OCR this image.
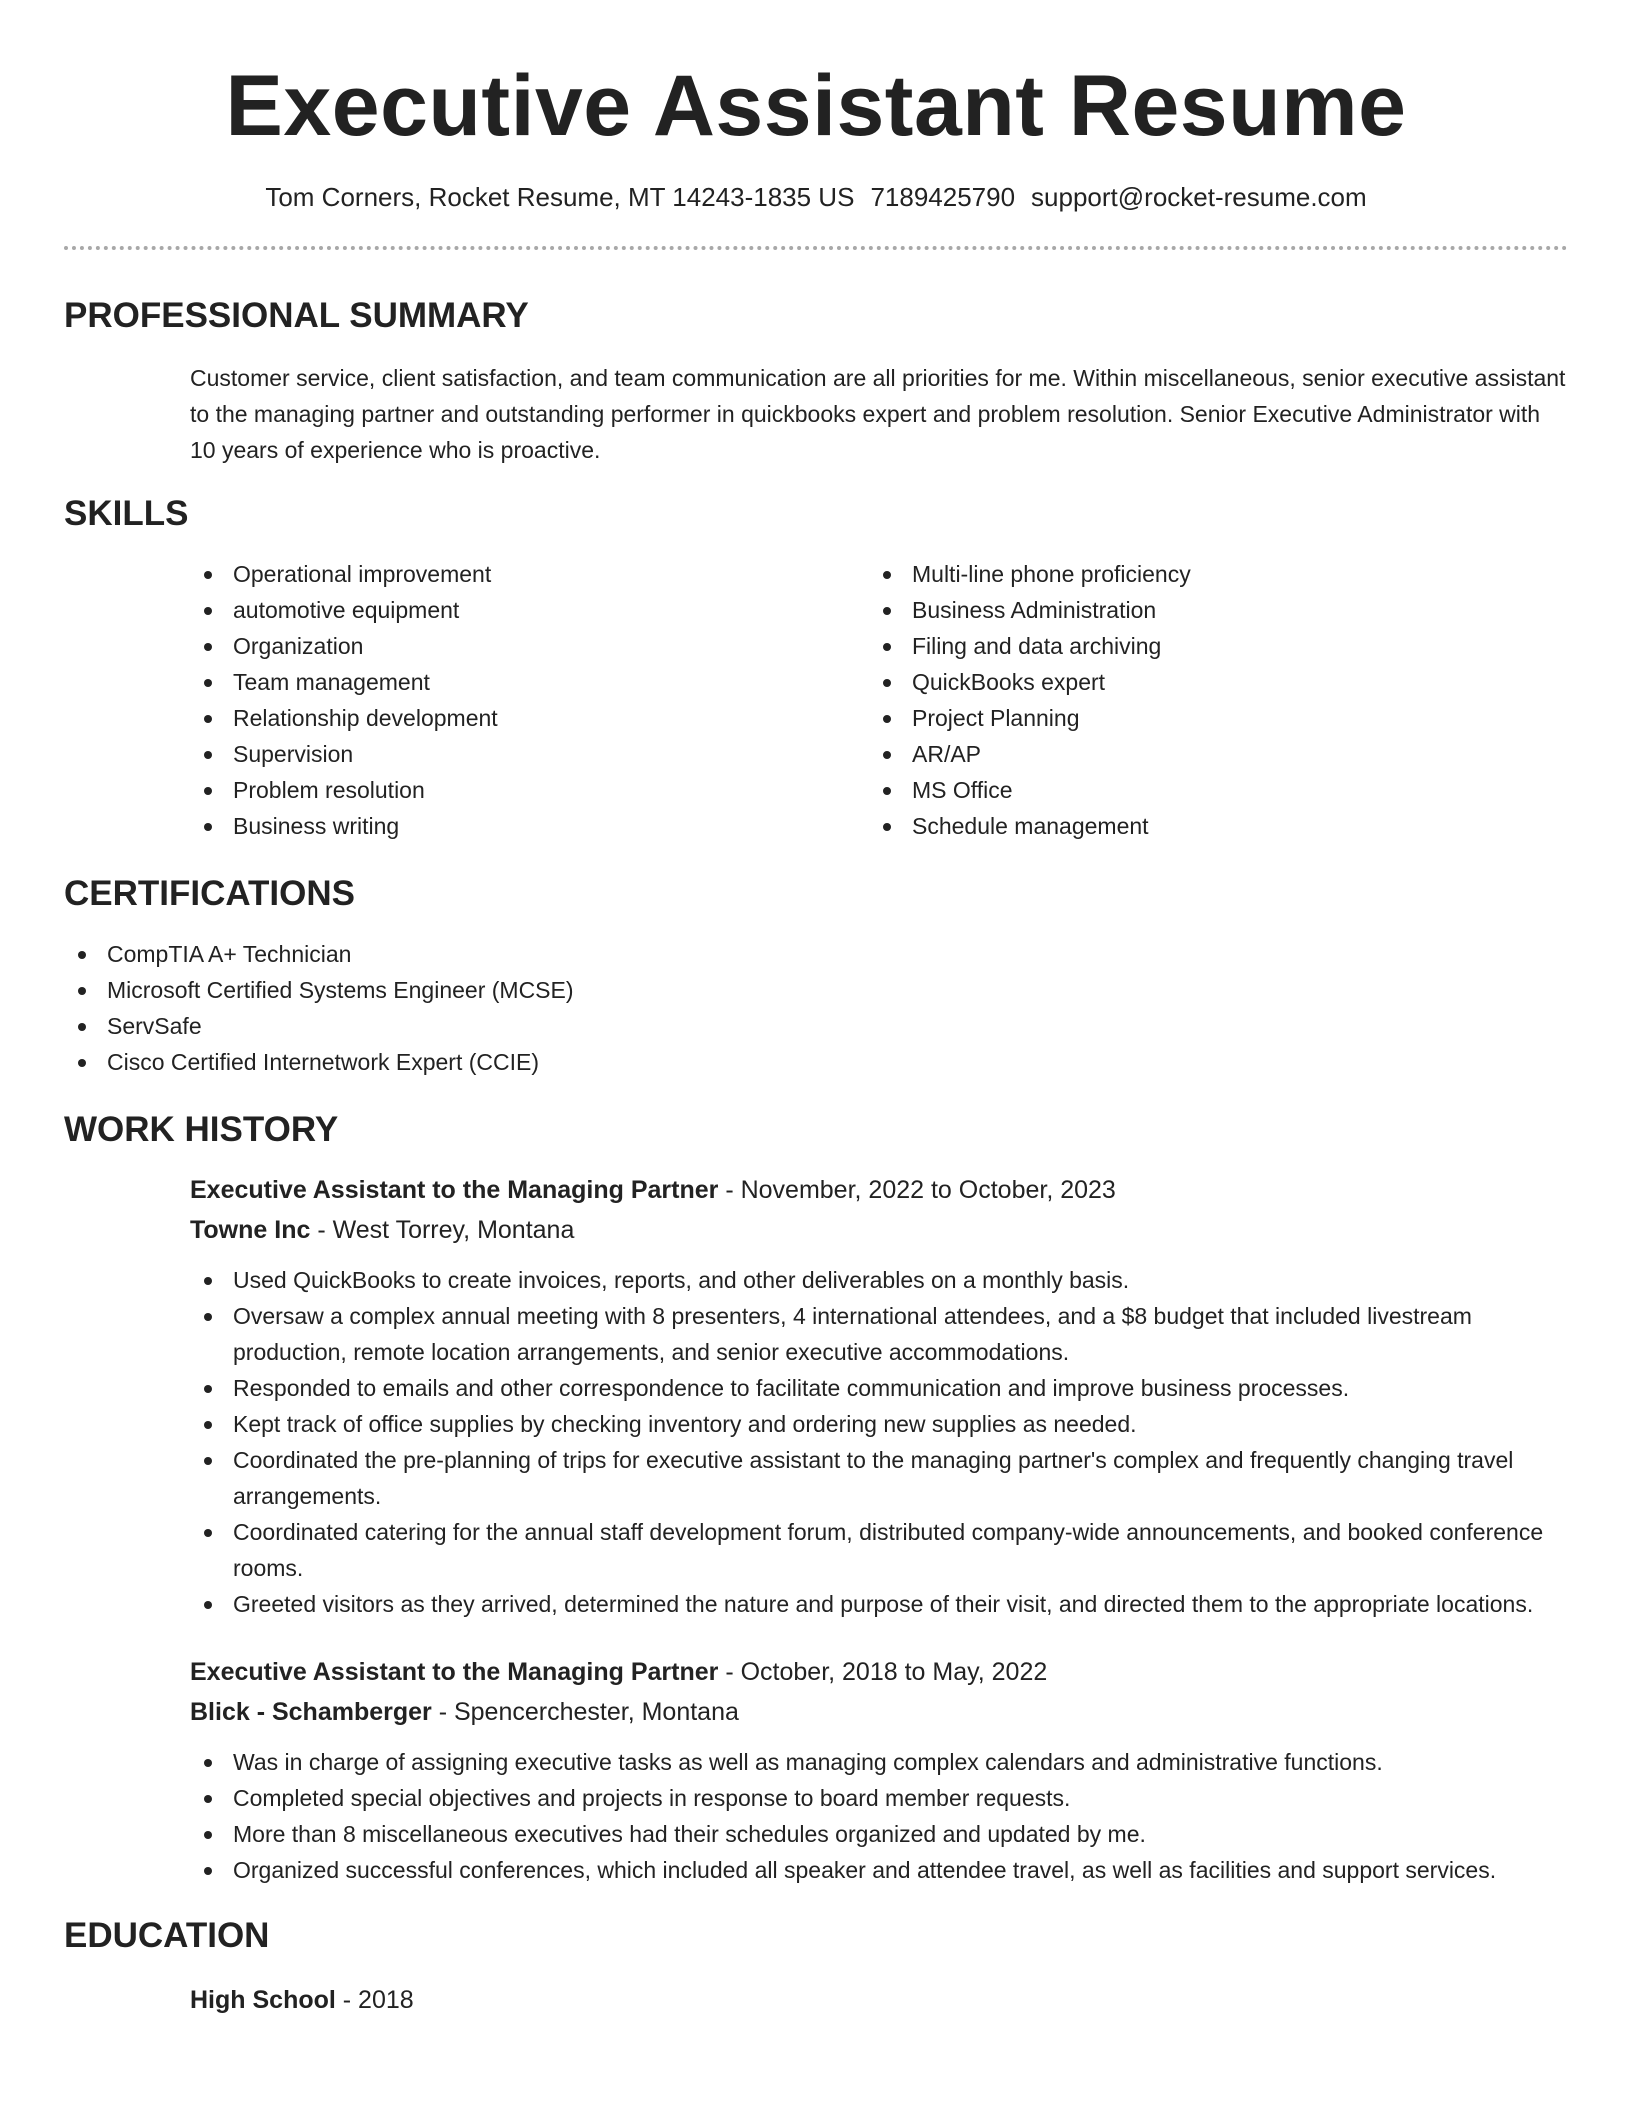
Executive Assistant Resume
Tom Corners, Rocket Resume, MT 14243-1835 US 7189425790 support@rocket-resume.com
PROFESSIONAL SUMMARY
Customer service, client satisfaction, and team communication are all priorities for me. Within miscellaneous, senior executive assistant to the managing partner and outstanding performer in quickbooks expert and problem resolution. Senior Executive Administrator with 10 years of experience who is proactive.
SKILLS
Operational improvement
automotive equipment
Organization
Team management
Relationship development
Supervision
Problem resolution
Business writing
Multi-line phone proficiency
Business Administration
Filing and data archiving
QuickBooks expert
Project Planning
AR/AP
MS Office
Schedule management
CERTIFICATIONS
CompTIA A+ Technician
Microsoft Certified Systems Engineer (MCSE)
ServSafe
Cisco Certified Internetwork Expert (CCIE)
WORK HISTORY
Executive Assistant to the Managing Partner - November, 2022 to October, 2023
Towne Inc - West Torrey, Montana
Used QuickBooks to create invoices, reports, and other deliverables on a monthly basis.
Oversaw a complex annual meeting with 8 presenters, 4 international attendees, and a $8 budget that included livestream production, remote location arrangements, and senior executive accommodations.
Responded to emails and other correspondence to facilitate communication and improve business processes.
Kept track of office supplies by checking inventory and ordering new supplies as needed.
Coordinated the pre-planning of trips for executive assistant to the managing partner's complex and frequently changing travel arrangements.
Coordinated catering for the annual staff development forum, distributed company-wide announcements, and booked conference rooms.
Greeted visitors as they arrived, determined the nature and purpose of their visit, and directed them to the appropriate locations.
Executive Assistant to the Managing Partner - October, 2018 to May, 2022
Blick - Schamberger - Spencerchester, Montana
Was in charge of assigning executive tasks as well as managing complex calendars and administrative functions.
Completed special objectives and projects in response to board member requests.
More than 8 miscellaneous executives had their schedules organized and updated by me.
Organized successful conferences, which included all speaker and attendee travel, as well as facilities and support services.
EDUCATION
High School - 2018
